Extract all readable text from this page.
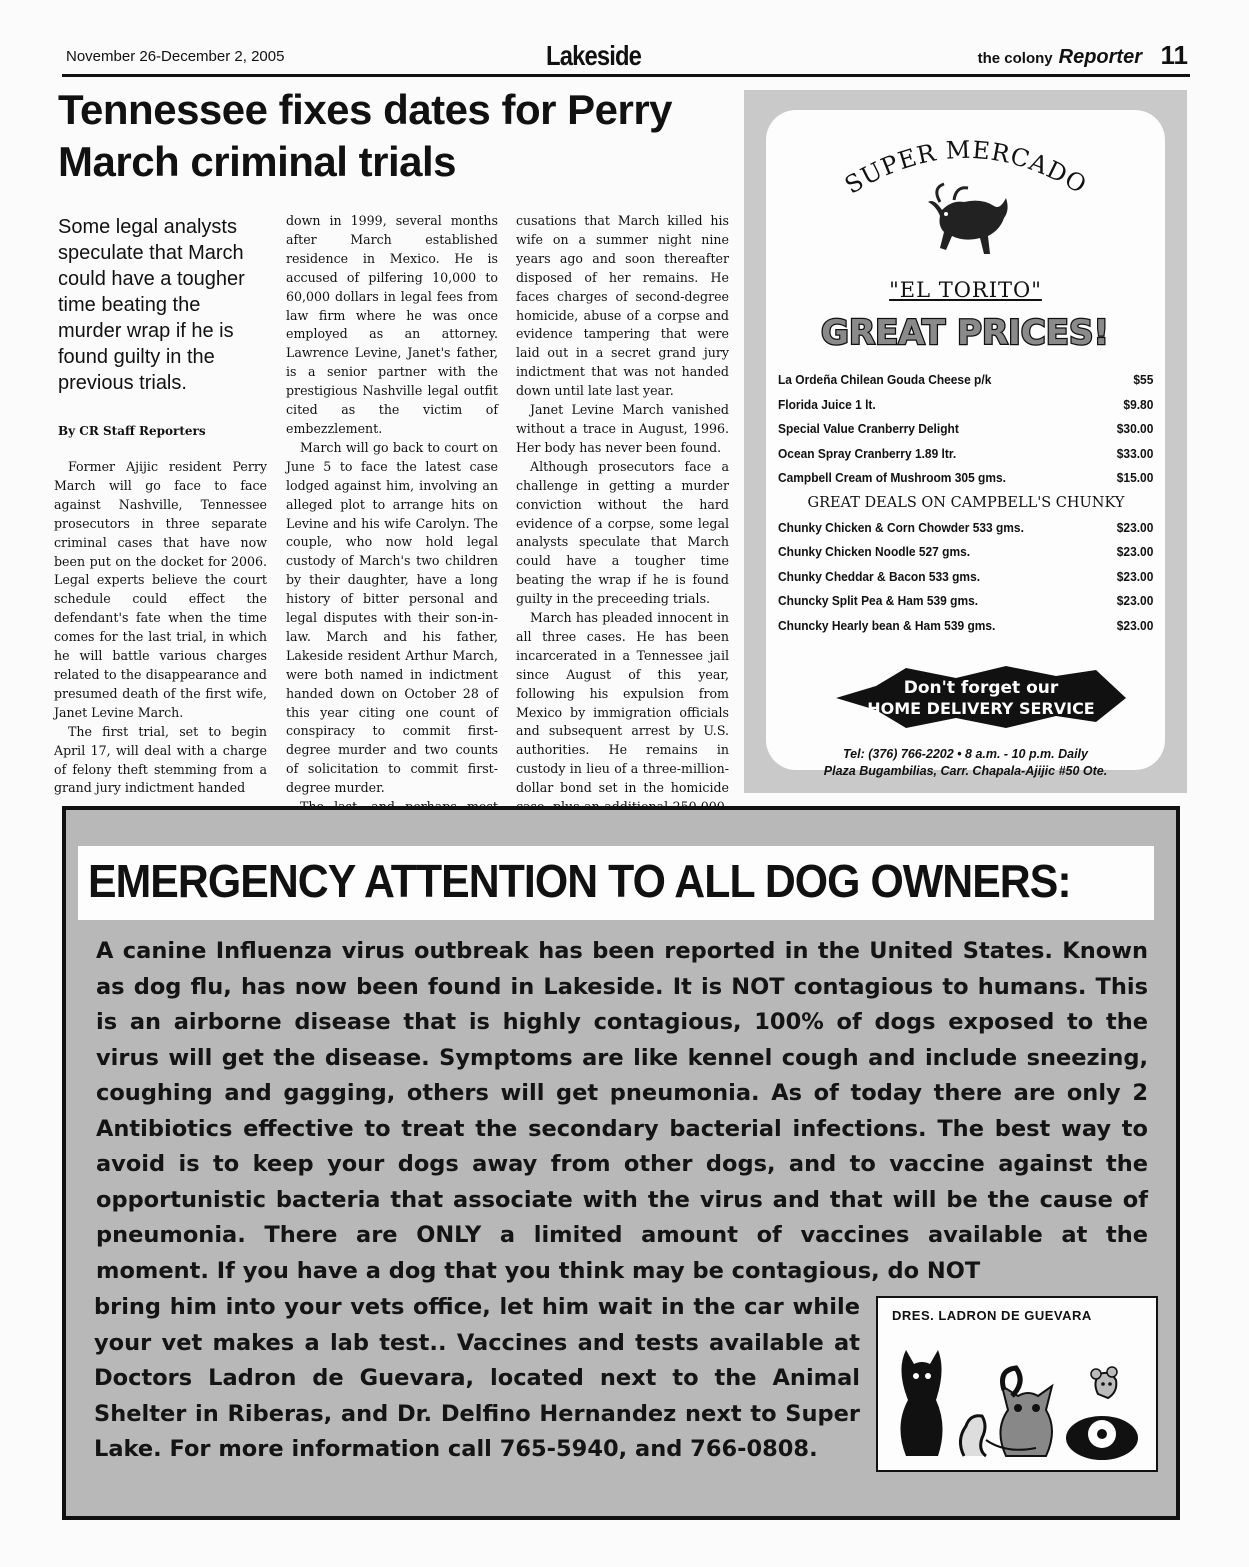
November 26-December 2, 2005	Lakeside	the colony Reporter 11
Tennessee fixes dates for Perry March criminal trials
Some legal analysts speculate that March could have a tougher time beating the murder wrap if he is found guilty in the previous trials.
By CR Staff Reporters

Former Ajijic resident Perry March will go face to face against Nashville, Tennessee prosecutors in three separate criminal cases that have now been put on the docket for 2006. Legal experts believe the court schedule could effect the defendant's fate when the time comes for the last trial, in which he will battle various charges related to the disappearance and presumed death of the first wife, Janet Levine March.

The first trial, set to begin April 17, will deal with a charge of felony theft stemming from a grand jury indictment handed

down in 1999, several months after March established residence in Mexico. He is accused of pilfering 10,000 to 60,000 dollars in legal fees from law firm where he was once employed as an attorney. Lawrence Levine, Janet's father, is a senior partner with the prestigious Nashville legal outfit cited as the victim of embezzlement.

March will go back to court on June 5 to face the latest case lodged against him, involving an alleged plot to arrange hits on Levine and his wife Carolyn. The couple, who now hold legal custody of March's two children by their daughter, have a long history of bitter personal and legal disputes with their son-in-law. March and his father, Lakeside resident Arthur March, were both named in indictment handed down on October 28 of this year citing one count of conspiracy to commit first-degree murder and two counts of solicitation to commit first-degree murder.

cusations that March killed his wife on a summer night nine years ago and soon thereafter disposed of her remains. He faces charges of second-degree homicide, abuse of a corpse and evidence tampering that were laid out in a secret grand jury indictment that was not handed down until late last year.

Janet Levine March vanished without a trace in August, 1996. Her body has never been found.

Although prosecutors face a challenge in getting a murder conviction without the hard evidence of a corpse, some legal analysts speculate that March could have a tougher time beating the wrap if he is found guilty in the preceeding trials.

March has pleaded innocent in all three cases. He has been incarcerated in a Tennessee jail since August of this year, following his expulsion from Mexico by immigration officials and subsequent arrest by U.S. authorities. He remains in custody in lieu of a three-million-dollar bond set in the homicide

SUPER MERCADO
"EL TORITO"
GREAT PRICES!
La Ordeña Chilean Gouda Cheese p/k	$55
Florida Juice 1 lt.	$9.80
Special Value Cranberry Delight	$30.00
Ocean Spray Cranberry 1.89 ltr.	$33.00
Campbell Cream of Mushroom 305 gms.	$15.00
GREAT DEALS ON CAMPBELL'S CHUNKY
Chunky Chicken & Corn Chowder 533 gms.	$23.00
Chunky Chicken Noodle 527 gms.	$23.00
Chunky Cheddar & Bacon 533 gms.	$23.00
Chuncky Split Pea & Ham 539 gms.	$23.00
Chuncky Hearly bean & Ham 539 gms.	$23.00
Don't forget our
HOME DELIVERY SERVICE
Tel: (376) 766-2202 • 8 a.m. - 10 p.m. Daily
Plaza Bugambilias, Carr. Chapala-Ajijic #50 Ote.
EMERGENCY ATTENTION TO ALL DOG OWNERS:
A canine Influenza virus outbreak has been reported in the United States. Known as dog flu, has now been found in Lakeside. It is NOT contagious to humans. This is an airborne disease that is highly contagious, 100% of dogs exposed to the virus will get the disease. Symptoms are like kennel cough and include sneezing, coughing and gagging, others will get pneumonia. As of today there are only 2 Antibiotics effective to treat the secondary bacterial infections. The best way to avoid is to keep your dogs away from other dogs, and to vaccine against the opportunistic bacteria that associate with the virus and that will be the cause of pneumonia. There are ONLY a limited amount of vaccines available at the moment. If you have a dog that you think may be contagious, do NOT
bring him into your vets office, let him wait in the car while your vet makes a lab test.. Vaccines and tests available at Doctors Ladron de Guevara, located next to the Animal Shelter in Riberas, and Dr. Delfino Hernandez next to Super Lake. For more information call 765-5940, and 766-0808.
DRES. LADRON DE GUEVARA
